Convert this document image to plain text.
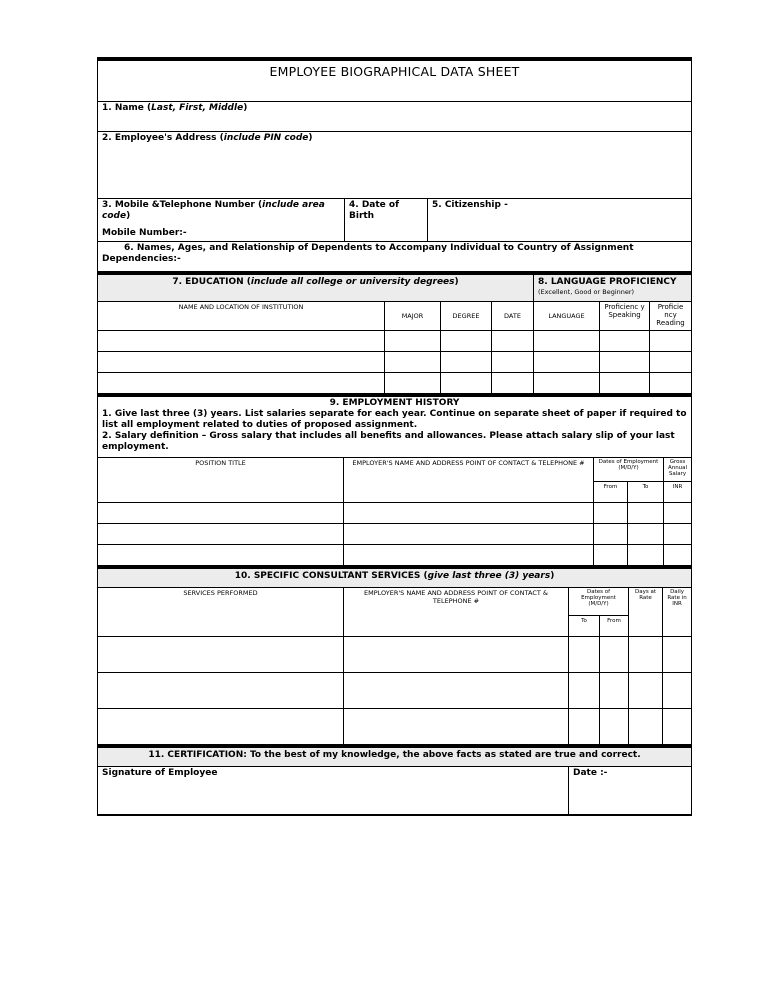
EMPLOYEE BIOGRAPHICAL DATA SHEET
1. Name (Last, First, Middle)
2. Employee's Address (include PIN code)
3. Mobile &Telephone Number (include area code)
Mobile Number:-
	4. Date of Birth	5. Citizenship -

6. Names, Ages, and Relationship of Dependents to Accompany Individual to Country of Assignment
Dependencies:-
7. EDUCATION (include all college or university degrees)				8. LANGUAGE PROFICIENCY
(Excellent, Good or Beginner)		

NAME AND LOCATION OF INSTITUTION	MAJOR	DEGREE	DATE	LANGUAGE	Proficienc y Speaking	Proficie ncy Reading

9. EMPLOYMENT HISTORY
1. Give last three (3) years. List salaries separate for each year. Continue on separate sheet of paper if required to list all employment related to duties of proposed assignment.
2. Salary definition – Gross salary that includes all benefits and allowances. Please attach salary slip of your last employment.				

POSITION TITLE	EMPLOYER'S NAME AND ADDRESS POINT OF CONTACT & TELEPHONE #	Dates of Employment (M/D/Y)		Gross Annual Salary
		From	To	INR

10. SPECIFIC CONSULTANT SERVICES (give last three (3) years)					
SERVICES PERFORMED	EMPLOYER'S NAME AND ADDRESS POINT OF CONTACT & TELEPHONE #	Dates of Employment (M/D/Y)		Days at Rate	Daily Rate in INR
		To	From		

11. CERTIFICATION: To the best of my knowledge, the above facts as stated are true and correct.
Signature of Employee	Date :-
